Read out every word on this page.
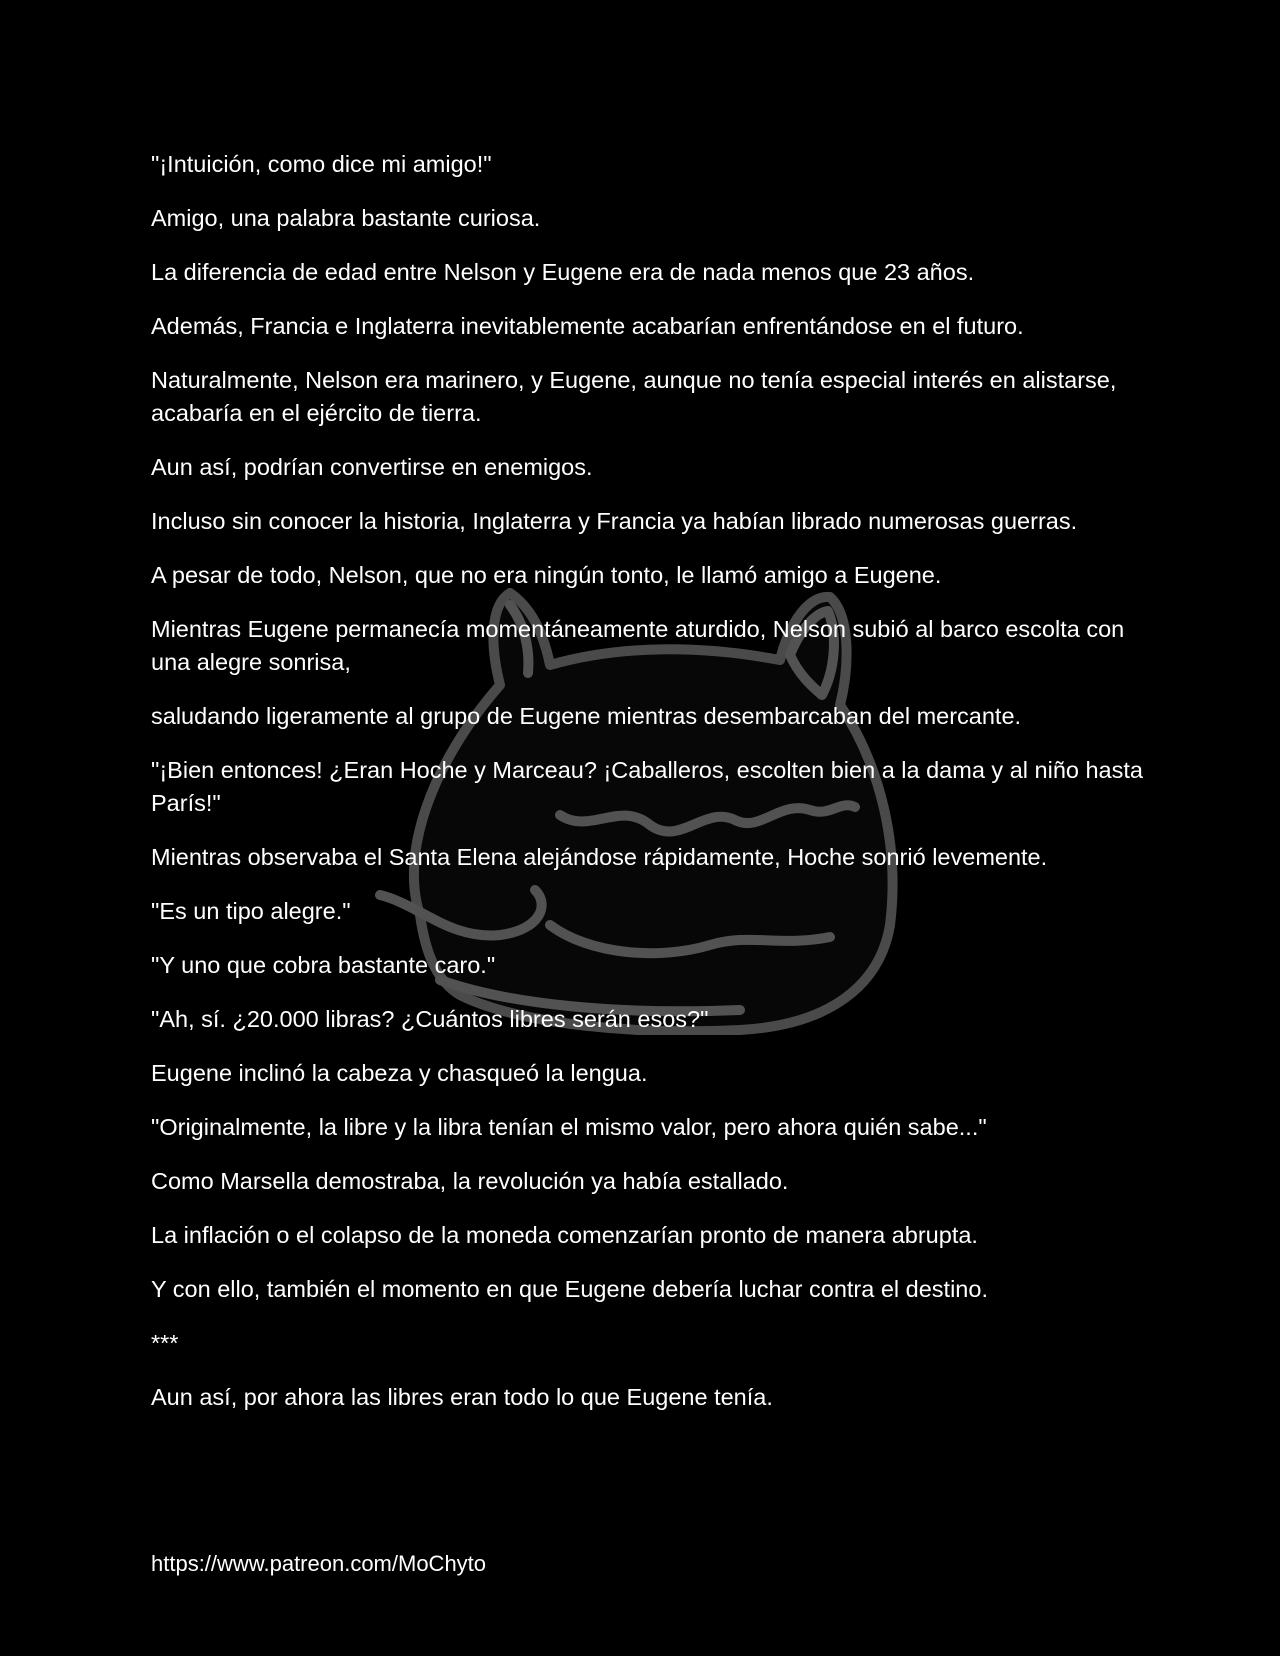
"¡Intuición, como dice mi amigo!"

Amigo, una palabra bastante curiosa.

La diferencia de edad entre Nelson y Eugene era de nada menos que 23 años.

Además, Francia e Inglaterra inevitablemente acabarían enfrentándose en el futuro.

Naturalmente, Nelson era marinero, y Eugene, aunque no tenía especial interés en alistarse, acabaría en el ejército de tierra.

Aun así, podrían convertirse en enemigos.

Incluso sin conocer la historia, Inglaterra y Francia ya habían librado numerosas guerras.

A pesar de todo, Nelson, que no era ningún tonto, le llamó amigo a Eugene.

Mientras Eugene permanecía momentáneamente aturdido, Nelson subió al barco escolta con una alegre sonrisa,

saludando ligeramente al grupo de Eugene mientras desembarcaban del mercante.

"¡Bien entonces! ¿Eran Hoche y Marceau? ¡Caballeros, escolten bien a la dama y al niño hasta París!"

Mientras observaba el Santa Elena alejándose rápidamente, Hoche sonrió levemente.

"Es un tipo alegre."

"Y uno que cobra bastante caro."

"Ah, sí. ¿20.000 libras? ¿Cuántos libres serán esos?"

Eugene inclinó la cabeza y chasqueó la lengua.

"Originalmente, la libre y la libra tenían el mismo valor, pero ahora quién sabe..."

Como Marsella demostraba, la revolución ya había estallado.

La inflación o el colapso de la moneda comenzarían pronto de manera abrupta.

Y con ello, también el momento en que Eugene debería luchar contra el destino.

***

Aun así, por ahora las libres eran todo lo que Eugene tenía.

https://www.patreon.com/MoChyto
